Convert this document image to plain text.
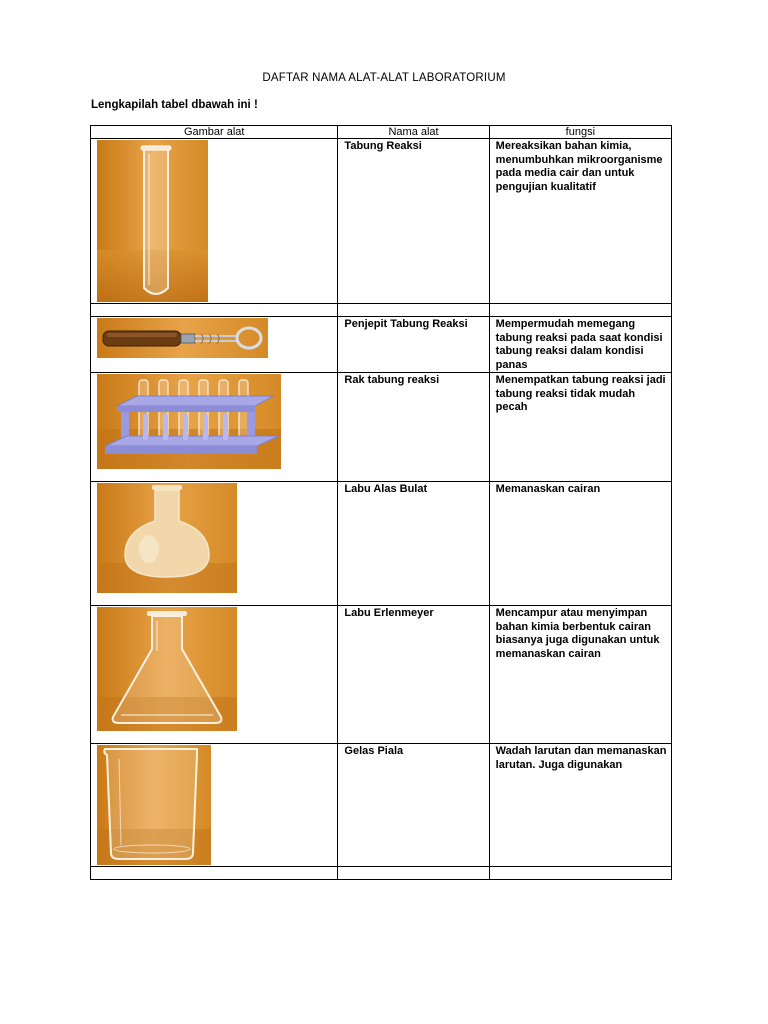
DAFTAR NAMA ALAT-ALAT LABORATORIUM
Lengkapilah tabel dbawah ini !
Gambar alat	Nama alat	fungsi

Tabung Reaksi	Mereaksikan bahan kimia, menumbuhkan mikroorganisme pada media cair dan untuk pengujian kualitatif

Penjepit Tabung Reaksi	Mempermudah memegang tabung reaksi pada saat kondisi tabung reaksi dalam kondisi panas

Rak tabung reaksi	Menempatkan tabung reaksi jadi tabung reaksi tidak mudah pecah

Labu Alas Bulat	Memanaskan cairan

Labu Erlenmeyer	Mencampur atau menyimpan bahan kimia berbentuk cairan biasanya juga digunakan untuk memanaskan cairan

Gelas Piala	Wadah larutan dan memanaskan larutan. Juga digunakan
